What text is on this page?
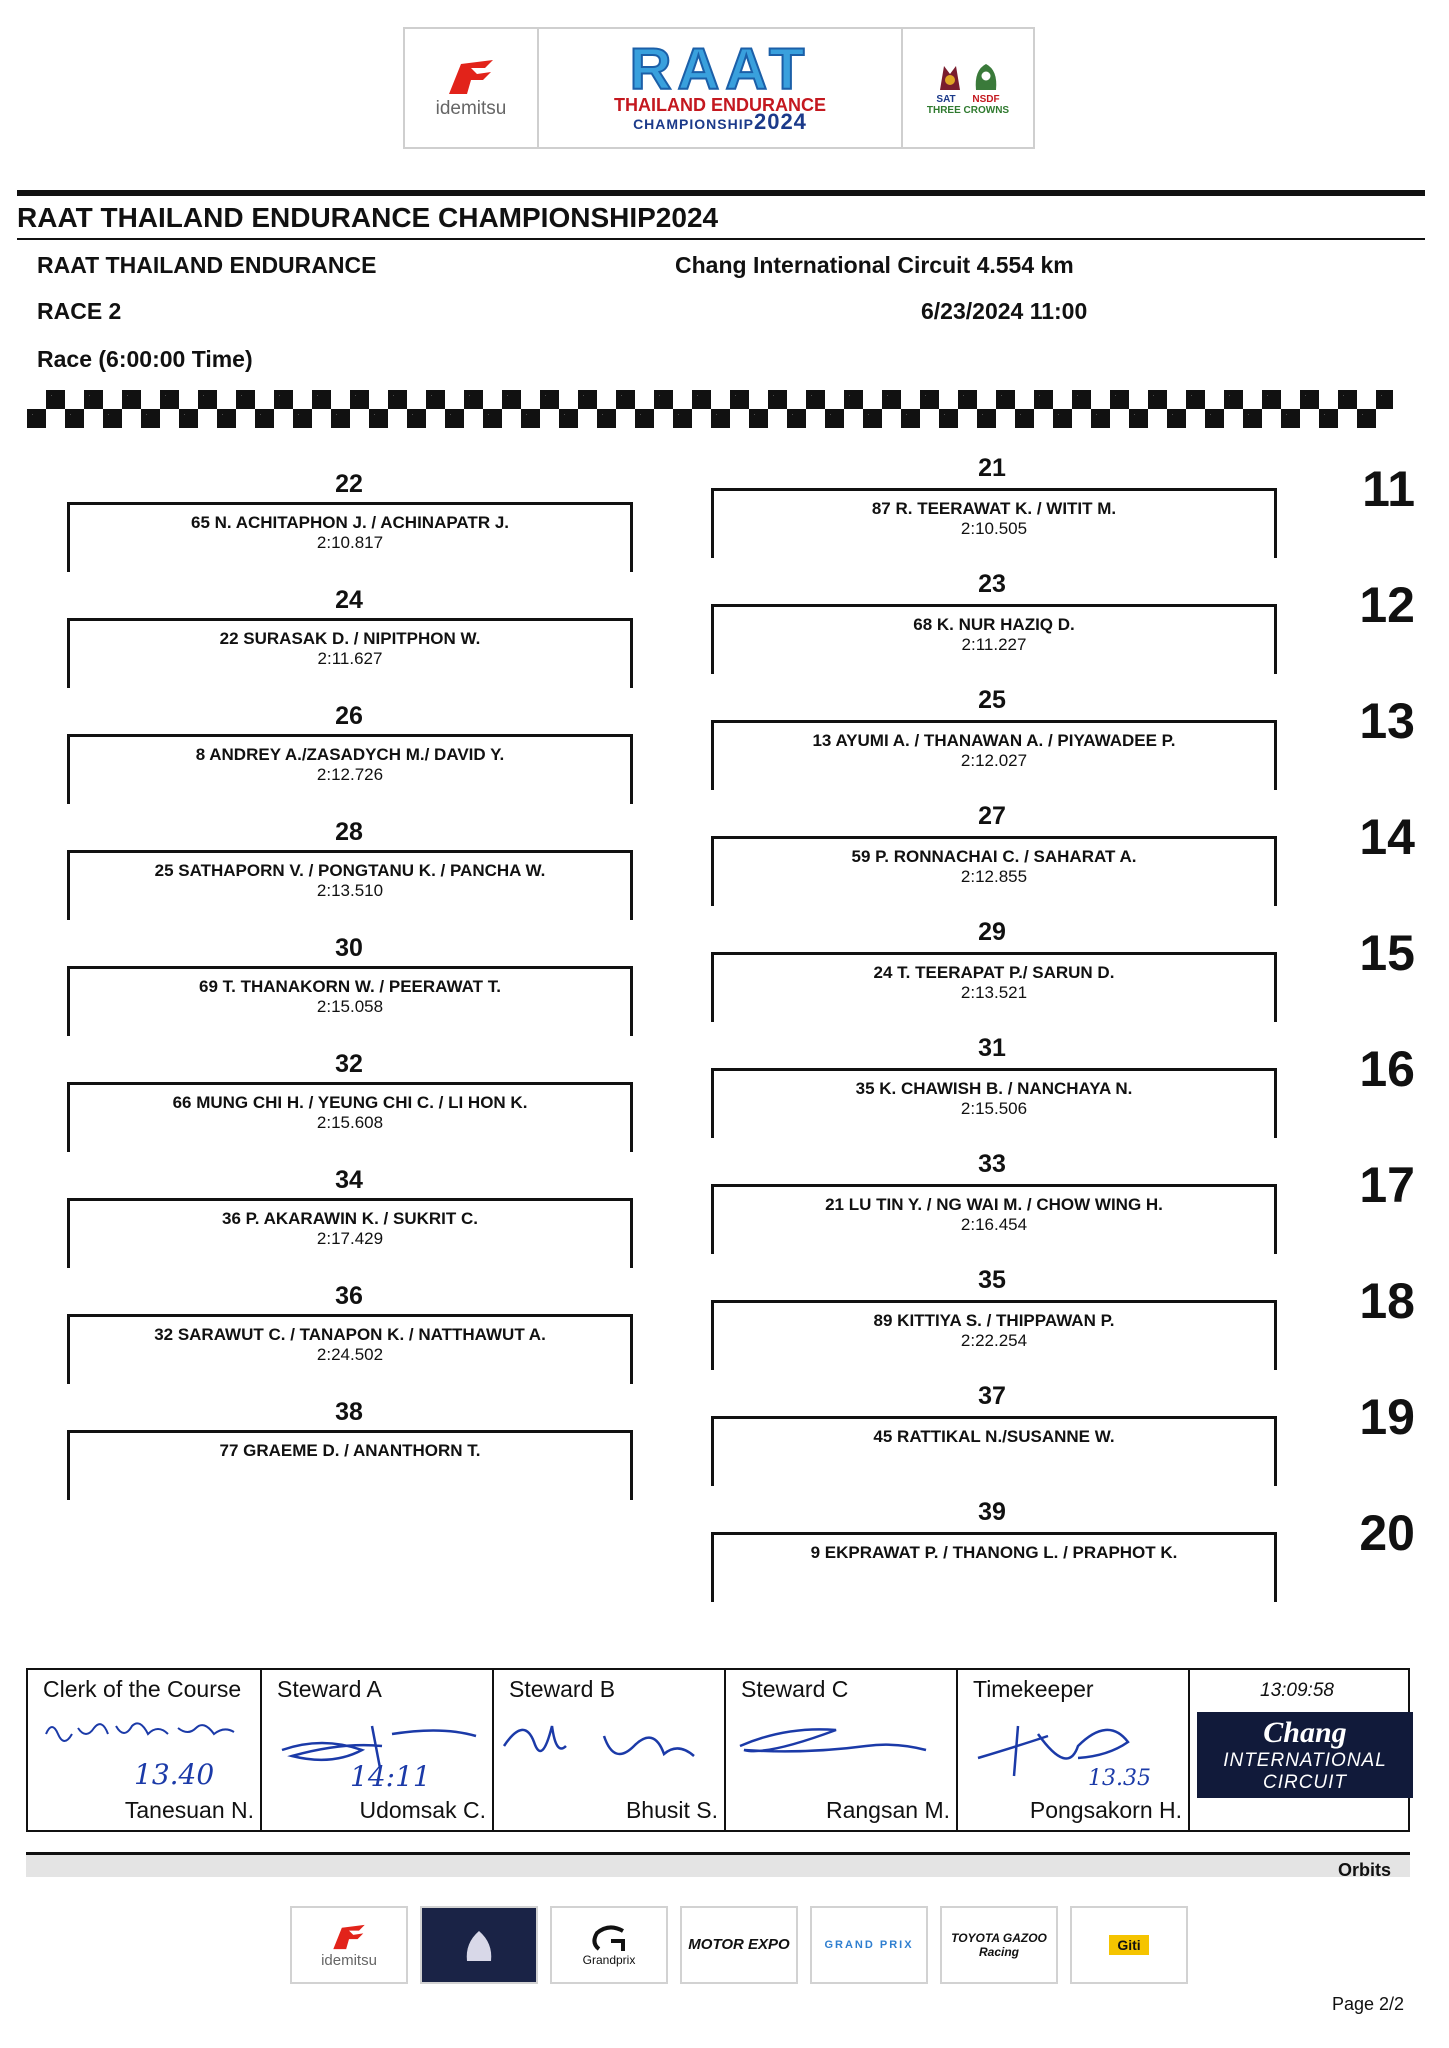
idemitsu
RAAT
THAILAND ENDURANCE
CHAMPIONSHIP2024
SAT NSDF
THREE CROWNS
RAAT THAILAND ENDURANCE CHAMPIONSHIP2024
RAAT THAILAND ENDURANCE	Chang International Circuit 4.554 km
RACE 2	6/23/2024 11:00
Race (6:00:00 Time)
22
65 N. ACHITAPHON J. / ACHINAPATR J.
2:10.817
21
87 R. TEERAWAT K. / WITIT M.
2:10.505
11
24
22 SURASAK D. / NIPITPHON W.
2:11.627
23
68 K. NUR HAZIQ D.
2:11.227
12
26
8 ANDREY A./ZASADYCH M./ DAVID Y.
2:12.726
25
13 AYUMI A. / THANAWAN A. / PIYAWADEE P.
2:12.027
13
28
25 SATHAPORN V. / PONGTANU K. / PANCHA W.
2:13.510
27
59 P. RONNACHAI C. / SAHARAT A.
2:12.855
14
30
69 T. THANAKORN W. / PEERAWAT T.
2:15.058
29
24 T. TEERAPAT P./ SARUN D.
2:13.521
15
32
66 MUNG CHI H. / YEUNG CHI C. / LI HON K.
2:15.608
31
35 K. CHAWISH B. / NANCHAYA N.
2:15.506
16
34
36 P. AKARAWIN K. / SUKRIT C.
2:17.429
33
21 LU TIN Y. / NG WAI M. / CHOW WING H.
2:16.454
17
36
32 SARAWUT C. / TANAPON K. / NATTHAWUT A.
2:24.502
35
89 KITTIYA S. / THIPPAWAN P.
2:22.254
18
38
77 GRAEME D. / ANANTHORN T.
37
45 RATTIKAL N./SUSANNE W.	19
39
9 EKPRAWAT P. / THANONG L. / PRAPHOT K.	20
Clerk of the Course
13.40
Tanesuan N.
Steward A
14:11
Udomsak C.
Steward B
Bhusit S.
Steward C
Rangsan M.
Timekeeper
13.35
Pongsakorn H.
13:09:58
Chang
INTERNATIONAL
CIRCUIT
Orbits
idemitsu	Grandprix
MOTOR EXPO	GRAND PRIX	TOYOTA GAZOO Racing	Giti
Page 2/2
